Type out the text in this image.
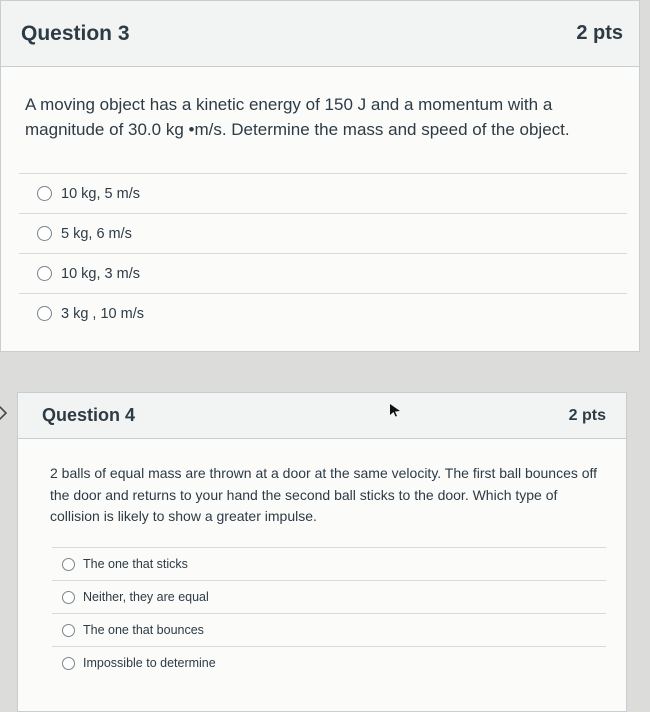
Question 3	2 pts
A moving object has a kinetic energy of 150 J and a momentum with a magnitude of 30.0 kg •m/s. Determine the mass and speed of the object.
10 kg, 5 m/s
5 kg, 6 m/s
10 kg, 3 m/s
3 kg , 10 m/s
Question 4	2 pts
2 balls of equal mass are thrown at a door at the same velocity. The first ball bounces off the door and returns to your hand the second ball sticks to the door. Which type of collision is likely to show a greater impulse.
The one that sticks
Neither, they are equal
The one that bounces
Impossible to determine
